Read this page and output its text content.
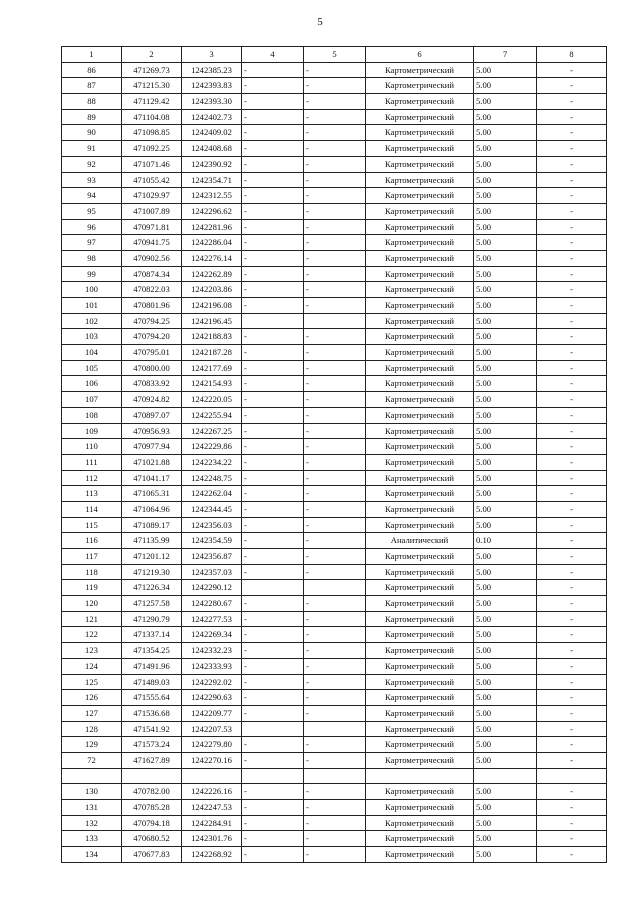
5
1	2	3	4	5	6	7	8
86	471269.73	1242385.23	-	-	Картометрический	5.00	-
87	471215.30	1242393.83	-	-	Картометрический	5.00	-
88	471129.42	1242393.30	-	-	Картометрический	5.00	-
89	471104.08	1242402.73	-	-	Картометрический	5.00	-
90	471098.85	1242409.02	-	-	Картометрический	5.00	-
91	471092.25	1242408.68	-	-	Картометрический	5.00	-
92	471071.46	1242390.92	-	-	Картометрический	5.00	-
93	471055.42	1242354.71	-	-	Картометрический	5.00	-
94	471029.97	1242312.55	-	-	Картометрический	5.00	-
95	471007.89	1242296.62	-	-	Картометрический	5.00	-
96	470971.81	1242281.96	-	-	Картометрический	5.00	-
97	470941.75	1242286.04	-	-	Картометрический	5.00	-
98	470902.56	1242276.14	-	-	Картометрический	5.00	-
99	470874.34	1242262.89	-	-	Картометрический	5.00	-
100	470822.03	1242203.86	-	-	Картометрический	5.00	-
101	470801.96	1242196.08	-	-	Картометрический	5.00	-
102	470794.25	1242196.45			Картометрический	5.00	-
103	470794.20	1242188.83	-	-	Картометрический	5.00	-
104	470795.01	1242187.28	-	-	Картометрический	5.00	-
105	470800.00	1242177.69	-	-	Картометрический	5.00	-
106	470833.92	1242154.93	-	-	Картометрический	5.00	-
107	470924.82	1242220.05	-	-	Картометрический	5.00	-
108	470897.07	1242255.94	-	-	Картометрический	5.00	-
109	470956.93	1242267.25	-	-	Картометрический	5.00	-
110	470977.94	1242229.86	-	-	Картометрический	5.00	-
111	471021.88	1242234.22	-	-	Картометрический	5.00	-
112	471041.17	1242248.75	-	-	Картометрический	5.00	-
113	471065.31	1242262.04	-	-	Картометрический	5.00	-
114	471064.96	1242344.45	-	-	Картометрический	5.00	-
115	471089.17	1242356.03	-	-	Картометрический	5.00	-
116	471135.99	1242354.59	-	-	Аналитический	0.10	-
117	471201.12	1242356.87	-	-	Картометрический	5.00	-
118	471219.30	1242357.03	-	-	Картометрический	5.00	-
119	471226.34	1242290.12			Картометрический	5.00	-
120	471257.58	1242280.67	-	-	Картометрический	5.00	-
121	471290.79	1242277.53	-	-	Картометрический	5.00	-
122	471337.14	1242269.34	-	-	Картометрический	5.00	-
123	471354.25	1242332.23	-	-	Картометрический	5.00	-
124	471491.96	1242333.93	-	-	Картометрический	5.00	-
125	471489.03	1242292.02	-	-	Картометрический	5.00	-
126	471555.64	1242290.63	-	-	Картометрический	5.00	-
127	471536.68	1242209.77	-	-	Картометрический	5.00	-
128	471541.92	1242207.53			Картометрический	5.00	-
129	471573.24	1242279.80	-	-	Картометрический	5.00	-
72	471627.89	1242270.16	-	-	Картометрический	5.00	-

130	470782.00	1242226.16	-	-	Картометрический	5.00	-
131	470785.28	1242247.53	-	-	Картометрический	5.00	-
132	470794.18	1242284.91	-	-	Картометрический	5.00	-
133	470680.52	1242301.76	-	-	Картометрический	5.00	-
134	470677.83	1242268.92	-	-	Картометрический	5.00	-
